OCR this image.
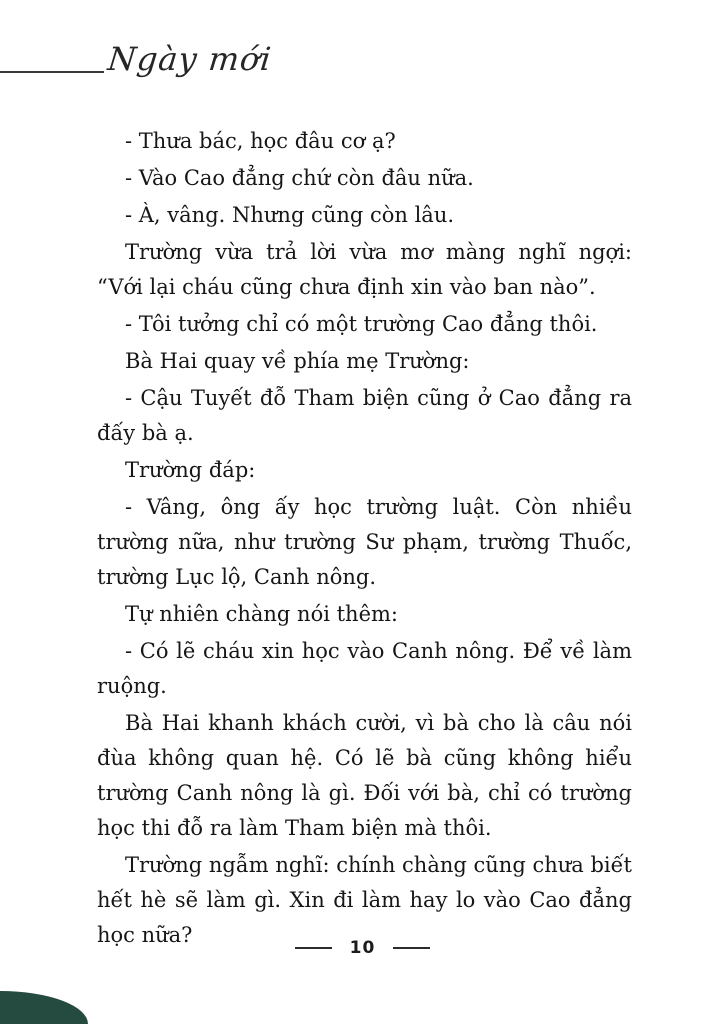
Ngày mới

- Thưa bác, học đâu cơ ạ?

- Vào Cao đẳng chứ còn đâu nữa.

- À, vâng. Nhưng cũng còn lâu.

Trường vừa trả lời vừa mơ màng nghĩ ngợi: “Với lại cháu cũng chưa định xin vào ban nào”.

- Tôi tưởng chỉ có một trường Cao đẳng thôi.

Bà Hai quay về phía mẹ Trường:

- Cậu Tuyết đỗ Tham biện cũng ở Cao đẳng ra đấy bà ạ.

Trường đáp:

- Vâng, ông ấy học trường luật. Còn nhiều trường nữa, như trường Sư phạm, trường Thuốc, trường Lục lộ, Canh nông.

Tự nhiên chàng nói thêm:

- Có lẽ cháu xin học vào Canh nông. Để về làm ruộng.

Bà Hai khanh khách cười, vì bà cho là câu nói đùa không quan hệ. Có lẽ bà cũng không hiểu trường Canh nông là gì. Đối với bà, chỉ có trường học thi đỗ ra làm Tham biện mà thôi.

Trường ngẫm nghĩ: chính chàng cũng chưa biết hết hè sẽ làm gì. Xin đi làm hay lo vào Cao đẳng học nữa?

10
